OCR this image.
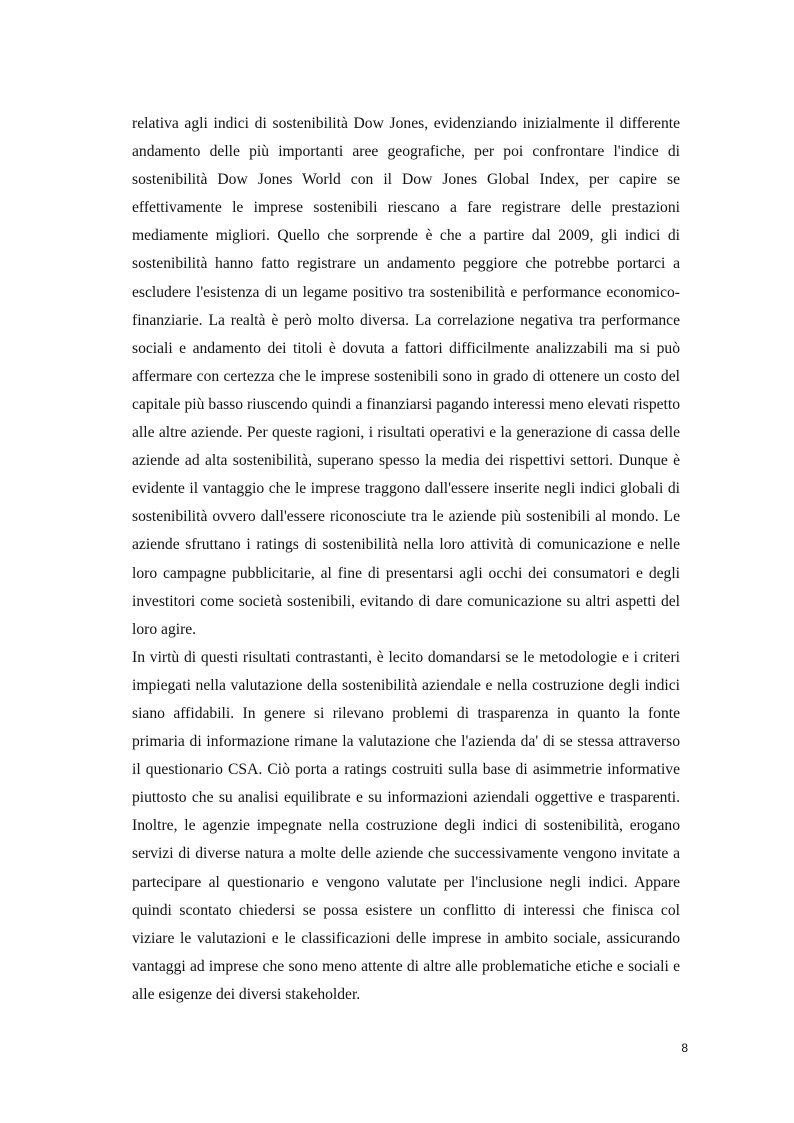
relativa agli indici di sostenibilità Dow Jones, evidenziando inizialmente il differente andamento delle più importanti aree geografiche, per poi confrontare l'indice di sostenibilità Dow Jones World con il Dow Jones Global Index, per capire se effettivamente le imprese sostenibili riescano a fare registrare delle prestazioni mediamente migliori. Quello che sorprende è che a partire dal 2009, gli indici di sostenibilità hanno fatto registrare un andamento peggiore che potrebbe portarci a escludere l'esistenza di un legame positivo tra sostenibilità e performance economico-finanziarie. La realtà è però molto diversa. La correlazione negativa tra performance sociali e andamento dei titoli è dovuta a fattori difficilmente analizzabili ma si può affermare con certezza che le imprese sostenibili sono in grado di ottenere un costo del capitale più basso riuscendo quindi a finanziarsi pagando interessi meno elevati rispetto alle altre aziende. Per queste ragioni, i risultati operativi e la generazione di cassa delle aziende ad alta sostenibilità, superano spesso la media dei rispettivi settori. Dunque è evidente il vantaggio che le imprese traggono dall'essere inserite negli indici globali di sostenibilità ovvero dall'essere riconosciute tra le aziende più sostenibili al mondo. Le aziende sfruttano i ratings di sostenibilità nella loro attività di comunicazione e nelle loro campagne pubblicitarie, al fine di presentarsi agli occhi dei consumatori e degli investitori come società sostenibili, evitando di dare comunicazione su altri aspetti del loro agire.

In virtù di questi risultati contrastanti, è lecito domandarsi se le metodologie e i criteri impiegati nella valutazione della sostenibilità aziendale e nella costruzione degli indici siano affidabili. In genere si rilevano problemi di trasparenza in quanto la fonte primaria di informazione rimane la valutazione che l'azienda da' di se stessa attraverso il questionario CSA. Ciò porta a ratings costruiti sulla base di asimmetrie informative piuttosto che su analisi equilibrate e su informazioni aziendali oggettive e trasparenti. Inoltre, le agenzie impegnate nella costruzione degli indici di sostenibilità, erogano servizi di diverse natura a molte delle aziende che successivamente vengono invitate a partecipare al questionario e vengono valutate per l'inclusione negli indici. Appare quindi scontato chiedersi se possa esistere un conflitto di interessi che finisca col viziare le valutazioni e le classificazioni delle imprese in ambito sociale, assicurando vantaggi ad imprese che sono meno attente di altre alle problematiche etiche e sociali e alle esigenze dei diversi stakeholder.

8
